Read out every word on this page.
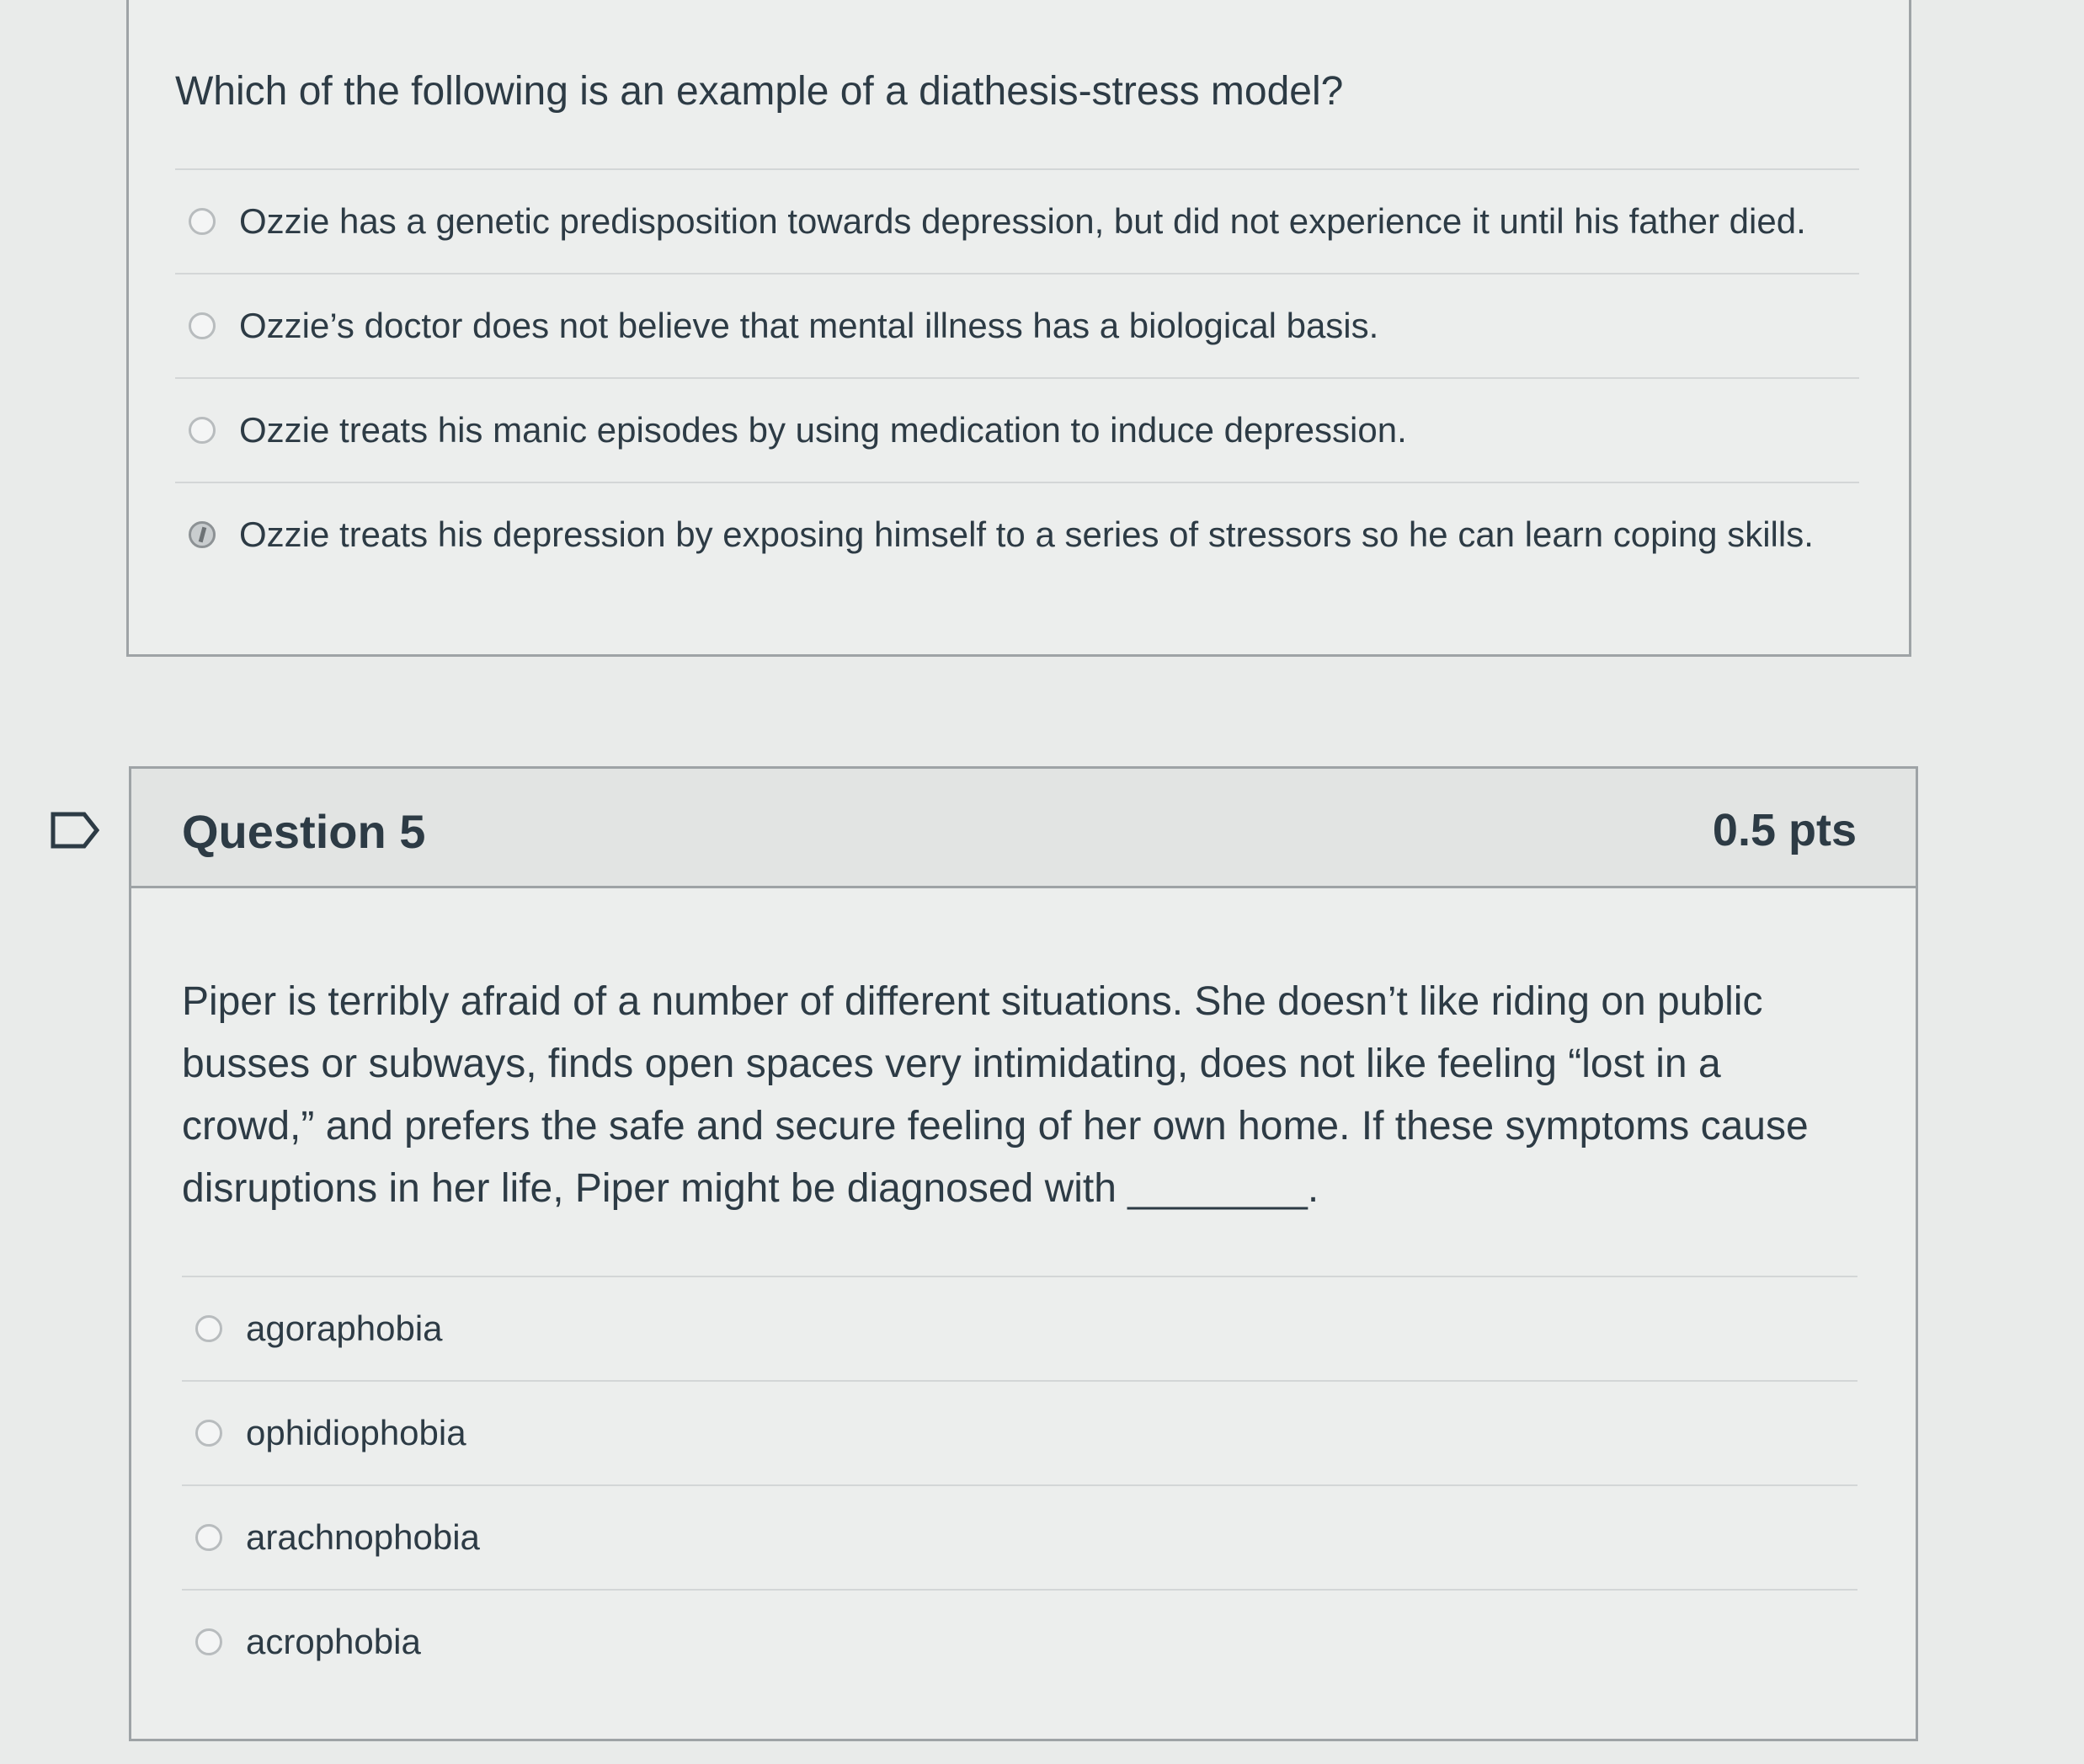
Which of the following is an example of a diathesis-stress model?
Ozzie has a genetic predisposition towards depression, but did not experience it until his father died.
Ozzie’s doctor does not believe that mental illness has a biological basis.
Ozzie treats his manic episodes by using medication to induce depression.
Ozzie treats his depression by exposing himself to a series of stressors so he can learn coping skills.
Question 5	0.5 pts
Piper is terribly afraid of a number of different situations. She doesn’t like riding on public busses or subways, finds open spaces very intimidating, does not like feeling “lost in a crowd,” and prefers the safe and secure feeling of her own home. If these symptoms cause disruptions in her life, Piper might be diagnosed with ________.
agoraphobia
ophidiophobia
arachnophobia
acrophobia
